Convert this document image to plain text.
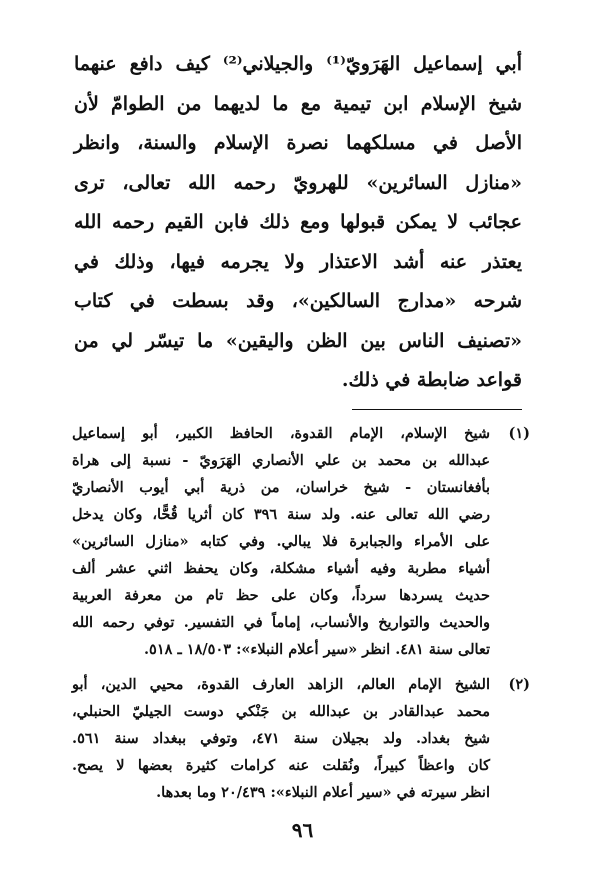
أبي إسماعيل الهَرَويّ⁽¹⁾ والجيلاني⁽²⁾ كيف دافع عنهما
شيخ الإسلام ابن تيمية مع ما لديهما من الطوامّ لأن
الأصل في مسلكهما نصرة الإسلام والسنة، وانظر
«منازل السائرين» للهرويّ رحمه الله تعالى، ترى
عجائب لا يمكن قبولها ومع ذلك فابن القيم رحمه الله
يعتذر عنه أشد الاعتذار ولا يجرمه فيها، وذلك في
شرحه «مدارج السالكين»، وقد بسطت في كتاب
«تصنيف الناس بين الظن واليقين» ما تيسّر لي من
قواعد ضابطة في ذلك.
(١)
شيخ الإسلام، الإمام القدوة، الحافظ الكبير، أبو إسماعيل
عبدالله بن محمد بن علي الأنصاري الهَرَويّ - نسبة إلى هراة
بأفغانستان - شيخ خراسان، من ذرية أبي أيوب الأنصاريّ
رضي الله تعالى عنه. ولد سنة ٣٩٦ كان أثريا قُحًّا، وكان يدخل
على الأمراء والجبابرة فلا يبالي. وفي كتابه «منازل السائرين»
أشياء مطربة وفيه أشياء مشكلة، وكان يحفظ اثني عشر ألف
حديث يسردها سرداً، وكان على حظ تام من معرفة العربية
والحديث والتواريخ والأنساب، إماماً في التفسير. توفي رحمه الله
تعالى سنة ٤٨١. انظر «سير أعلام النبلاء»: ١٨/٥٠٣ ـ ٥١٨.
(٢)
الشيخ الإمام العالم، الزاهد العارف القدوة، محيي الدين، أبو
محمد عبدالقادر بن عبدالله بن جَنْكي دوست الجيليّ الحنبلي،
شيخ بغداد. ولد بجيلان سنة ٤٧١، وتوفي ببغداد سنة ٥٦١.
كان واعظاً كبيراً، ونُقلت عنه كرامات كثيرة بعضها لا يصح.
انظر سيرته في «سير أعلام النبلاء»: ٢٠/٤٣٩ وما بعدها.
٩٦
